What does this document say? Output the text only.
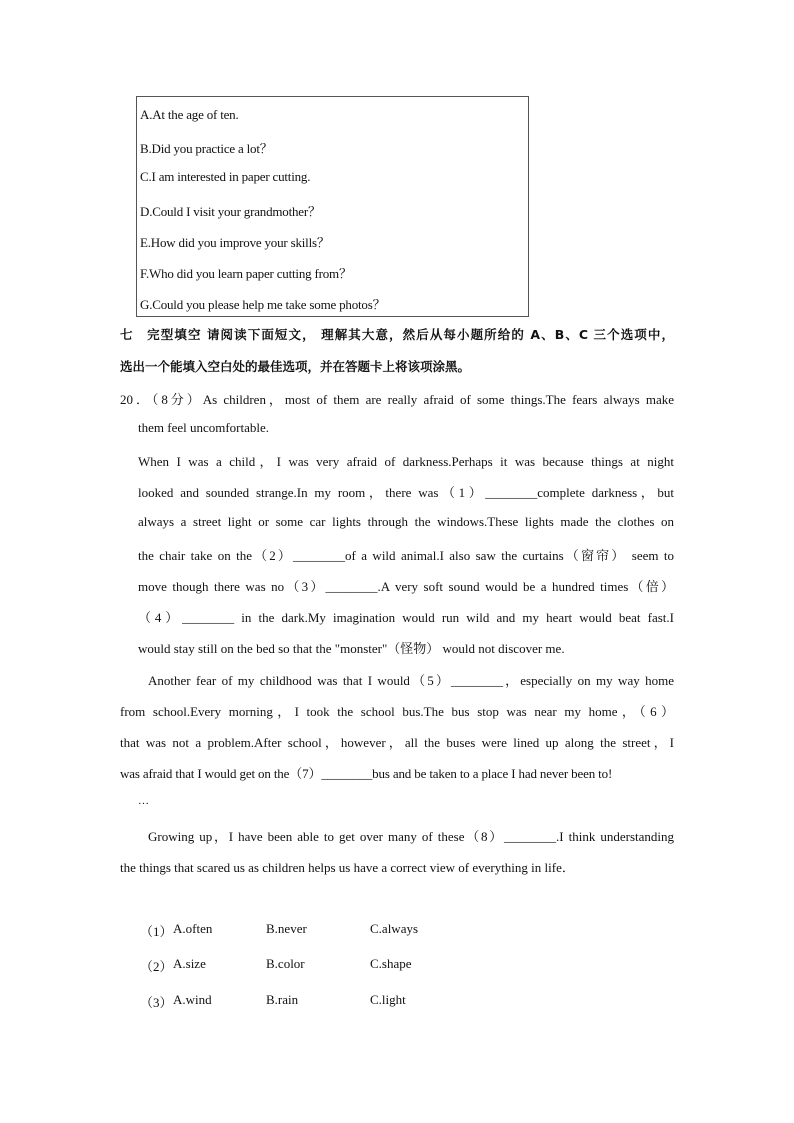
A.At the age of ten.
B.Did you practice a lot？
C.I am interested in paper cutting.
D.Could I visit your grandmother？
E.How did you improve your skills？
F.Who did you learn paper cutting from？
G.Could you please help me take some photos？
七　完型填空 请阅读下面短文， 理解其大意，然后从每小题所给的 A、B、C 三个选项中，
选出一个能填入空白处的最佳选项，并在答题卡上将该项涂黑。
20．（8分）As children，most of them are really afraid of some things.The fears always make
them feel uncomfortable.
When I was a child，I was very afraid of darkness.Perhaps it was because things at night
looked and sounded strange.In my room，there was（1）________complete darkness，but
always a street light or some car lights through the windows.These lights made the clothes on
the chair take on the（2）________of a wild animal.I also saw the curtains（窗帘） seem to
move though there was no（3）________.A very soft sound would be a hundred times（倍）
（4）________ in the dark.My imagination would run wild and my heart would beat fast.I
would stay still on the bed so that the "monster"（怪物） would not discover me.
Another fear of my childhood was that I would（5）________，especially on my way home
from school.Every morning，I took the school bus.The bus stop was near my home，（6）
that was not a problem.After school，however，all the buses were lined up along the street，I
was afraid that I would get on the（7）________bus and be taken to a place I had never been to!
…
Growing up，I have been able to get over many of these（8）________.I think understanding
the things that scared us as children helps us have a correct view of everything in life．
（1） A.often	B.never	C.always
（2） A.size	B.color	C.shape
（3） A.wind	B.rain	C.light
